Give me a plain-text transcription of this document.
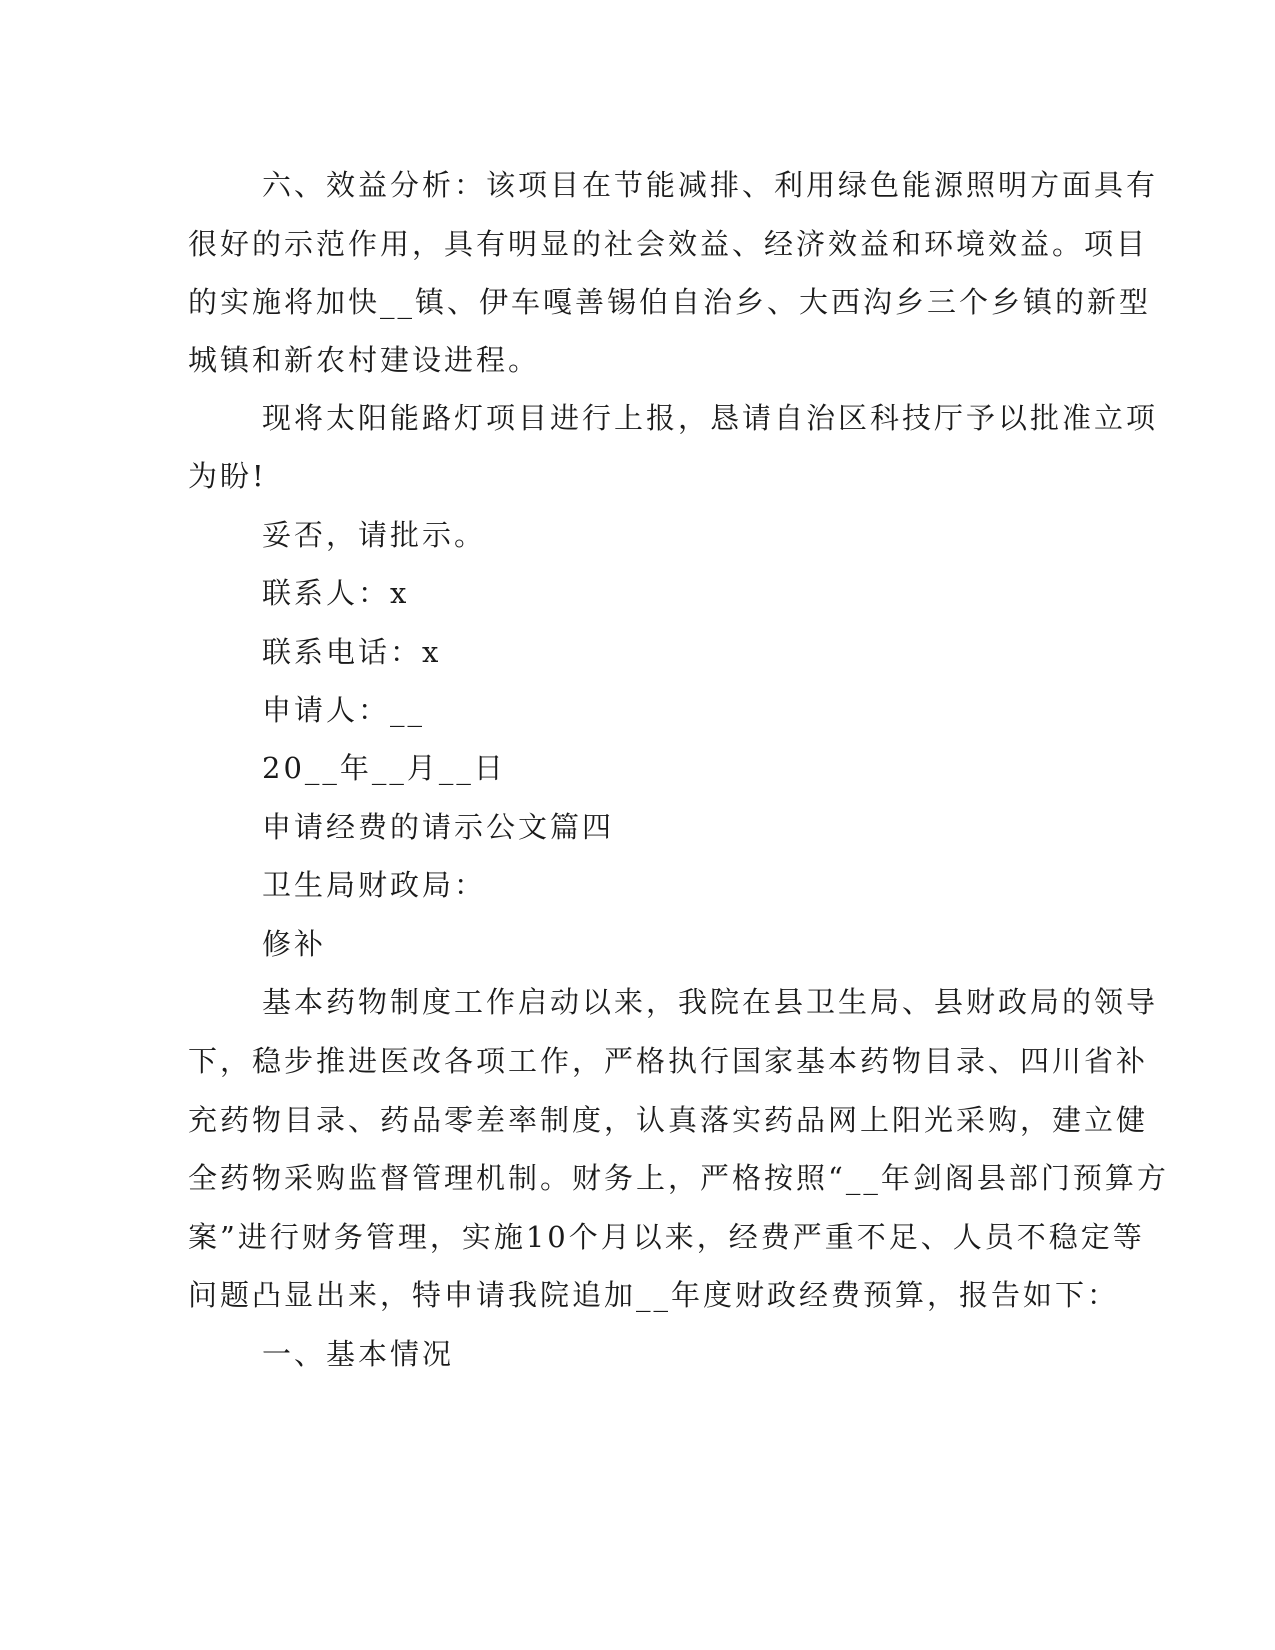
六、效益分析：该项目在节能减排、利用绿色能源照明方面具有
很好的示范作用，具有明显的社会效益、经济效益和环境效益。项目
的实施将加快__镇、伊车嘎善锡伯自治乡、大西沟乡三个乡镇的新型
城镇和新农村建设进程。
现将太阳能路灯项目进行上报，恳请自治区科技厅予以批准立项
为盼!
妥否，请批示。
联系人：x
联系电话：x
申请人：__
20__年__月__日
申请经费的请示公文篇四
卫生局财政局：
修补
基本药物制度工作启动以来，我院在县卫生局、县财政局的领导
下，稳步推进医改各项工作，严格执行国家基本药物目录、四川省补
充药物目录、药品零差率制度，认真落实药品网上阳光采购，建立健
全药物采购监督管理机制。财务上，严格按照“__年剑阁县部门预算方
案”进行财务管理，实施10个月以来，经费严重不足、人员不稳定等
问题凸显出来，特申请我院追加__年度财政经费预算，报告如下：
一、基本情况
